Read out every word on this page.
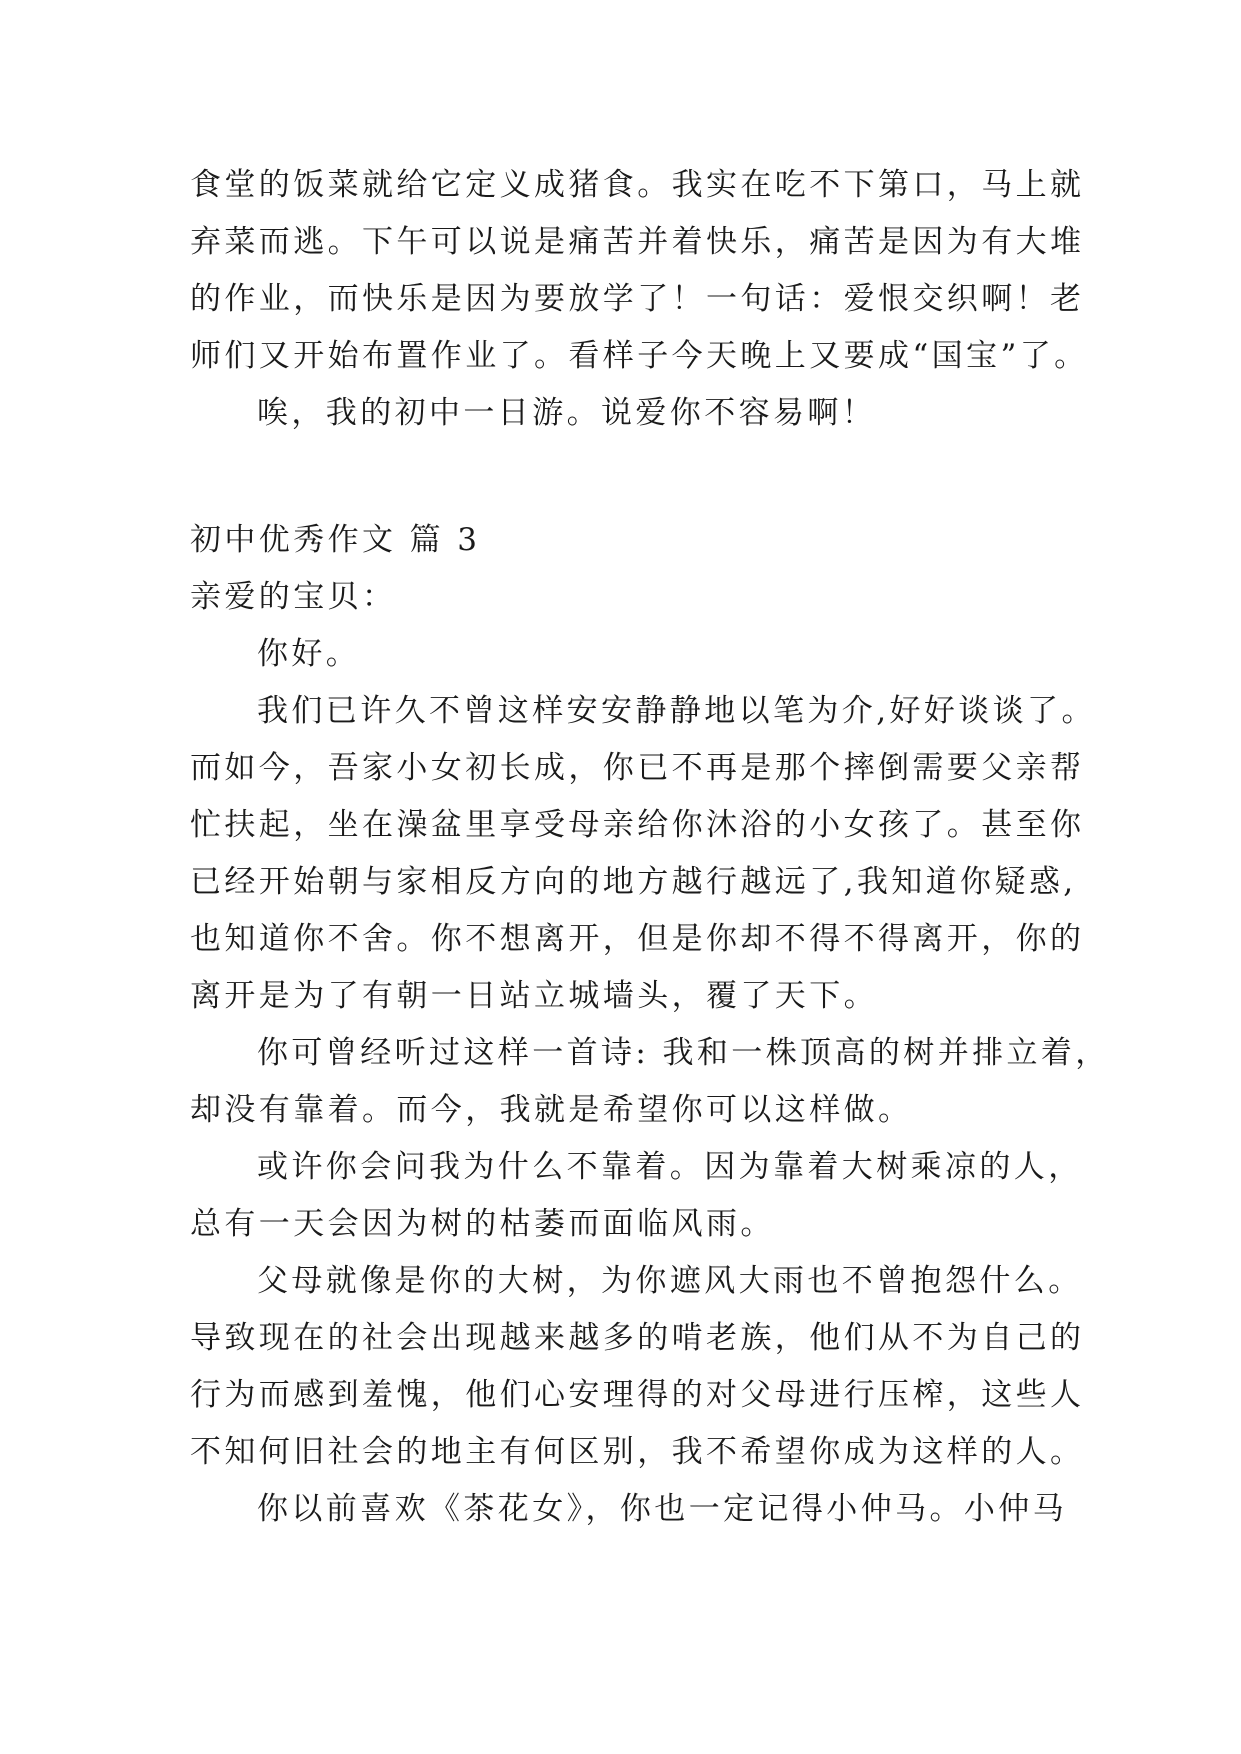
食堂的饭菜就给它定义成猪食。我实在吃不下第口，马上就
弃菜而逃。下午可以说是痛苦并着快乐，痛苦是因为有大堆
的作业，而快乐是因为要放学了！一句话：爱恨交织啊！老
师们又开始布置作业了。看样子今天晚上又要成“国宝”了。
唉，我的初中一日游。说爱你不容易啊！
初中优秀作文 篇 3
亲爱的宝贝：
你好。
我们已许久不曾这样安安静静地以笔为介,好好谈谈了。
而如今，吾家小女初长成，你已不再是那个摔倒需要父亲帮
忙扶起，坐在澡盆里享受母亲给你沐浴的小女孩了。甚至你
已经开始朝与家相反方向的地方越行越远了,我知道你疑惑,
也知道你不舍。你不想离开，但是你却不得不得离开，你的
离开是为了有朝一日站立城墙头，覆了天下。
你可曾经听过这样一首诗: 我和一株顶高的树并排立着，
却没有靠着。而今，我就是希望你可以这样做。
或许你会问我为什么不靠着。因为靠着大树乘凉的人，
总有一天会因为树的枯萎而面临风雨。
父母就像是你的大树，为你遮风大雨也不曾抱怨什么。
导致现在的社会出现越来越多的啃老族，他们从不为自己的
行为而感到羞愧，他们心安理得的对父母进行压榨，这些人
不知何旧社会的地主有何区别，我不希望你成为这样的人。
你以前喜欢《茶花女》，你也一定记得小仲马。小仲马
